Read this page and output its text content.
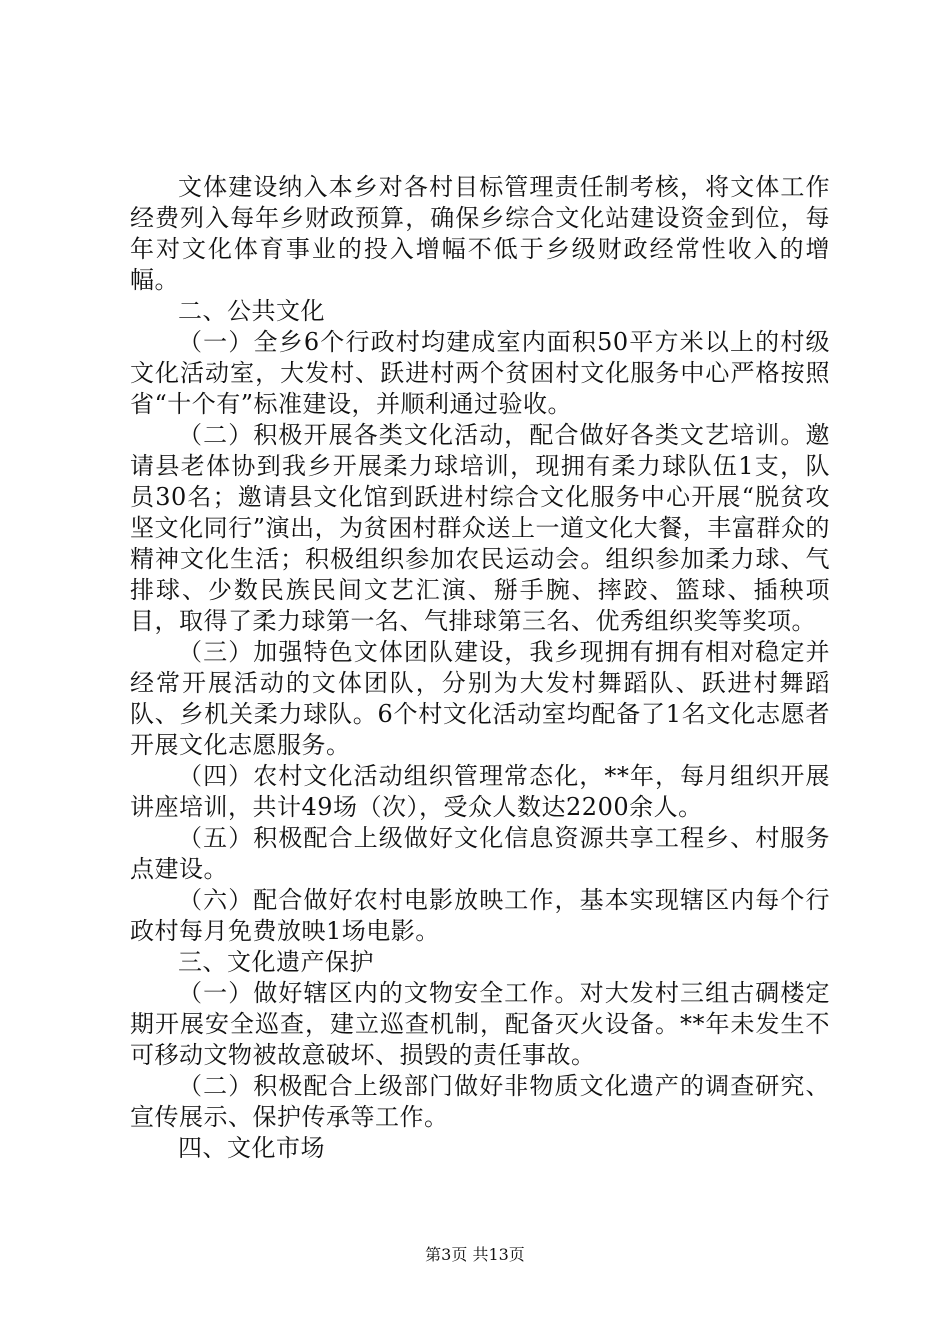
文体建设纳入本乡对各村目标管理责任制考核，将文体工作经费列入每年乡财政预算，确保乡综合文化站建设资金到位，每年对文化体育事业的投入增幅不低于乡级财政经常性收入的增幅。

二、公共文化

（一）全乡6个行政村均建成室内面积50平方米以上的村级文化活动室，大发村、跃进村两个贫困村文化服务中心严格按照省“十个有”标准建设，并顺利通过验收。

（二）积极开展各类文化活动，配合做好各类文艺培训。邀请县老体协到我乡开展柔力球培训，现拥有柔力球队伍1支，队员30名；邀请县文化馆到跃进村综合文化服务中心开展“脱贫攻坚文化同行”演出，为贫困村群众送上一道文化大餐，丰富群众的精神文化生活；积极组织参加农民运动会。组织参加柔力球、气排球、少数民族民间文艺汇演、掰手腕、摔跤、篮球、插秧项目，取得了柔力球第一名、气排球第三名、优秀组织奖等奖项。

（三）加强特色文体团队建设，我乡现拥有拥有相对稳定并经常开展活动的文体团队，分别为大发村舞蹈队、跃进村舞蹈队、乡机关柔力球队。6个村文化活动室均配备了1名文化志愿者开展文化志愿服务。

（四）农村文化活动组织管理常态化，**年，每月组织开展讲座培训，共计49场（次），受众人数达2200余人。

（五）积极配合上级做好文化信息资源共享工程乡、村服务点建设。

（六）配合做好农村电影放映工作，基本实现辖区内每个行政村每月免费放映1场电影。

三、文化遗产保护

（一）做好辖区内的文物安全工作。对大发村三组古碉楼定期开展安全巡查，建立巡查机制，配备灭火设备。**年未发生不可移动文物被故意破坏、损毁的责任事故。

（二）积极配合上级部门做好非物质文化遗产的调查研究、宣传展示、保护传承等工作。

四、文化市场

第3页 共13页
